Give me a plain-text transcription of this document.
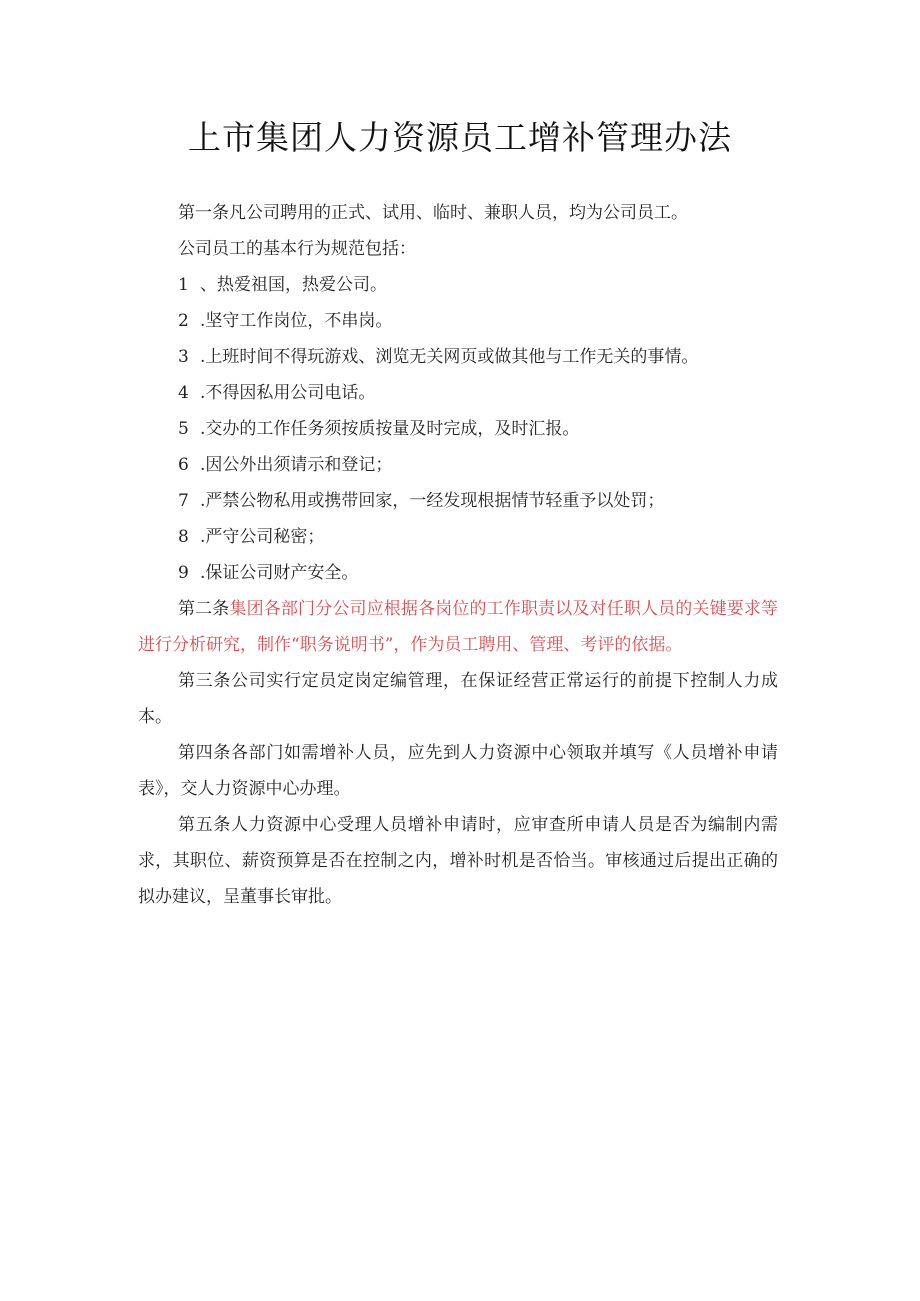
上市集团人力资源员工增补管理办法

第一条凡公司聘用的正式、试用、临时、兼职人员，均为公司员工。

公司员工的基本行为规范包括：

1 、热爱祖国，热爱公司。

2 .坚守工作岗位，不串岗。

3 .上班时间不得玩游戏、浏览无关网页或做其他与工作无关的事情。

4 .不得因私用公司电话。

5 .交办的工作任务须按质按量及时完成，及时汇报。

6 .因公外出须请示和登记；

7 .严禁公物私用或携带回家，一经发现根据情节轻重予以处罚；

8 .严守公司秘密；

9 .保证公司财产安全。

第二条集团各部门分公司应根据各岗位的工作职责以及对任职人员的关键要求等进行分析研究，制作“职务说明书”，作为员工聘用、管理、考评的依据。

第三条公司实行定员定岗定编管理，在保证经营正常运行的前提下控制人力成本。

第四条各部门如需增补人员，应先到人力资源中心领取并填写《人员增补申请表》，交人力资源中心办理。

第五条人力资源中心受理人员增补申请时，应审查所申请人员是否为编制内需求，其职位、薪资预算是否在控制之内，增补时机是否恰当。审核通过后提出正确的拟办建议，呈董事长审批。
